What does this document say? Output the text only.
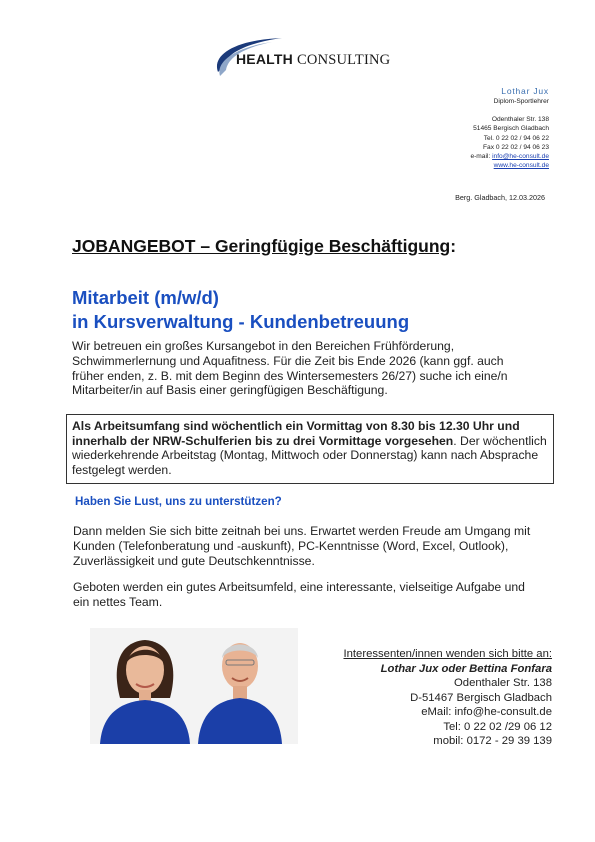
HEALTH CONSULTING
Lothar Jux
Diplom-Sportlehrer
Odenthaler Str. 138
51465 Bergisch Gladbach
Tel. 0 22 02 / 94 06 22
Fax 0 22 02 / 94 06 23
e-mail: info@he-consult.de
www.he-consult.de
Berg. Gladbach, 12.03.2026
JOBANGEBOT – Geringfügige Beschäftigung:
Mitarbeit (m/w/d)
in Kursverwaltung - Kundenbetreuung
Wir betreuen ein großes Kursangebot in den Bereichen Frühförderung, Schwimmerlernung und Aquafitness. Für die Zeit bis Ende 2026 (kann ggf. auch früher enden, z. B. mit dem Beginn des Wintersemesters 26/27) suche ich eine/n Mitarbeiter/in auf Basis einer geringfügigen Beschäftigung.
Als Arbeitsumfang sind wöchentlich ein Vormittag von 8.30 bis 12.30 Uhr und innerhalb der NRW-Schulferien bis zu drei Vormittage vorgesehen. Der wöchentlich wiederkehrende Arbeitstag (Montag, Mittwoch oder Donnerstag) kann nach Absprache festgelegt werden.
Haben Sie Lust, uns zu unterstützen?
Dann melden Sie sich bitte zeitnah bei uns. Erwartet werden Freude am Umgang mit Kunden (Telefonberatung und -auskunft), PC-Kenntnisse (Word, Excel, Outlook), Zuverlässigkeit und gute Deutschkenntnisse.
Geboten werden ein gutes Arbeitsumfeld, eine interessante, vielseitige Aufgabe und ein nettes Team.
Interessenten/innen wenden sich bitte an:
Lothar Jux oder Bettina Fonfara
Odenthaler Str. 138
D-51467 Bergisch Gladbach
eMail: info@he-consult.de
Tel: 0 22 02 /29 06 12
mobil: 0172 - 29 39 139
